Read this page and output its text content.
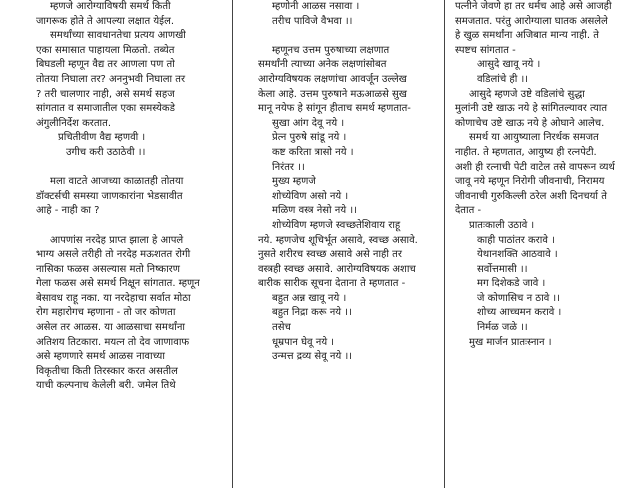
म्हणजे आरोग्याविषयी समर्थ किती
जागरूक होते ते आपल्या लक्षात येईल.
समर्थांच्या सावधानतेचा प्रत्यय आणखी
एका समासात पाहायला मिळतो. तब्येत
बिघडली म्हणून वैद्य तर आणला पण तो
तोतया निघाला तर? अननुभवी निघाला तर
? तरी चालणार नाही, असे समर्थ सहज
सांगतात व समाजातील एका समस्येकडे
अंगुलीनिर्देश करतात.
प्रचितीवीण वैद्य म्हणवी ।
उगीच करी उठाठेवी ।।
मला वाटते आजच्या काळातही तोतया
डॉक्टर्सची समस्या जाणकारांना भेडसावीत
आहे - नाही का ?
आपणांस नरदेह प्राप्त झाला हे आपले
भाग्य असले तरीही तो नरदेह मऊशतत रोगी
नासिका फळस असल्यास मतो निष्कारण
गेला फळस असे समर्थ निक्षून सांगतात. म्हणून
बेसावध राहू नका. या नरदेहाचा सर्वात मोठा
रोग महारोगच म्हणाना - तो जर कोणता
असेल तर आळस. या आळसाचा समर्थांना
अतिशय तिटकारा. मयत्न तो देव जाणावाफ
असे म्हणणारे समर्थ आळस नावाच्या
विकृतीचा किती तिरस्कार करत असतील
याची कल्पनाच केलेली बरी. जमेल तिथे
म्हणोनी आळस नसावा ।
तरीच पाविजे वैभवा ।।
म्हणूनच उत्तम पुरुषाच्या लक्षणात
समर्थांनी त्याच्या अनेक लक्षणांसोबत
आरोग्यविषयक लक्षणांचा आवर्जून उल्लेख
केला आहे. उत्तम पुरुषाने मऊआळसे सुख
मानू नयेफ हे सांगून हीताच समर्थ म्हणतात-
सुखा आंग देवू नये ।
प्रेत्न पुरुषे सांडू नये ।
कष्ट करिता त्रासो नये ।
निरंतर ।।
मुख्य म्हणजे
शोच्येविण असो नये ।
मळिण वस्त्र नेसो नये ।।
शोच्येविण म्हणजे स्वच्छतेशिवाय राहू
नये. म्हणजेच शूचिर्भूत असावे, स्वच्छ असावे.
नुसते शरीरच स्वच्छ असावे असे नाही तर
वस्त्रही स्वच्छ असावे. आरोग्यविषयक अशाच
बारीक सारीक सूचना देताना ते म्हणतात -
बहुत अन्न खावू नये ।
बहुत निद्रा करू नये ।।
तसेच
धूम्रपान घेवू नये ।
उन्मत्त द्रव्य सेवू नये ।।
पत्नीने जेवणे हा तर धर्मच आहे असे आजही
समजतात. परंतु आरोग्याला घातक असलेले
हे खुळ समर्थांना अजिबात मान्य नाही. ते
स्पष्टच सांगतात -
आसुदे खावू नये ।
वडिलांचे ही ।।
आसुदे म्हणजे उष्टे वडिलांचे सुद्धा
मुलांनी उष्टे खाऊ नये हे सांगितल्यावर त्यात
कोणाचेच उष्टे खाऊ नये हे ओघाने आलेच.
समर्थ या आयुष्याला निरर्थक समजत
नाहीत. ते म्हणतात, आयुष्य ही रत्नपेटी.
अशी ही रत्नाची पेटी वाटेल तसे वापरून व्यर्थ
जावू नये म्हणून निरोगी जीवनाची, निरामय
जीवनाची गुरुकिल्ली ठरेल अशी दिनचर्या ते
देतात -
प्रातःकाली उठावे ।
काही पाठांतर करावे ।
येथानशक्ति आठवावे ।
सर्वोत्तमासी ।।
मग दिशेकडे जावे ।
जे कोणासिच न ठावे ।।
शोच्य आच्चमन करावे ।
निर्मळ जळे ।।
मुख मार्जन प्रातःस्नान ।
